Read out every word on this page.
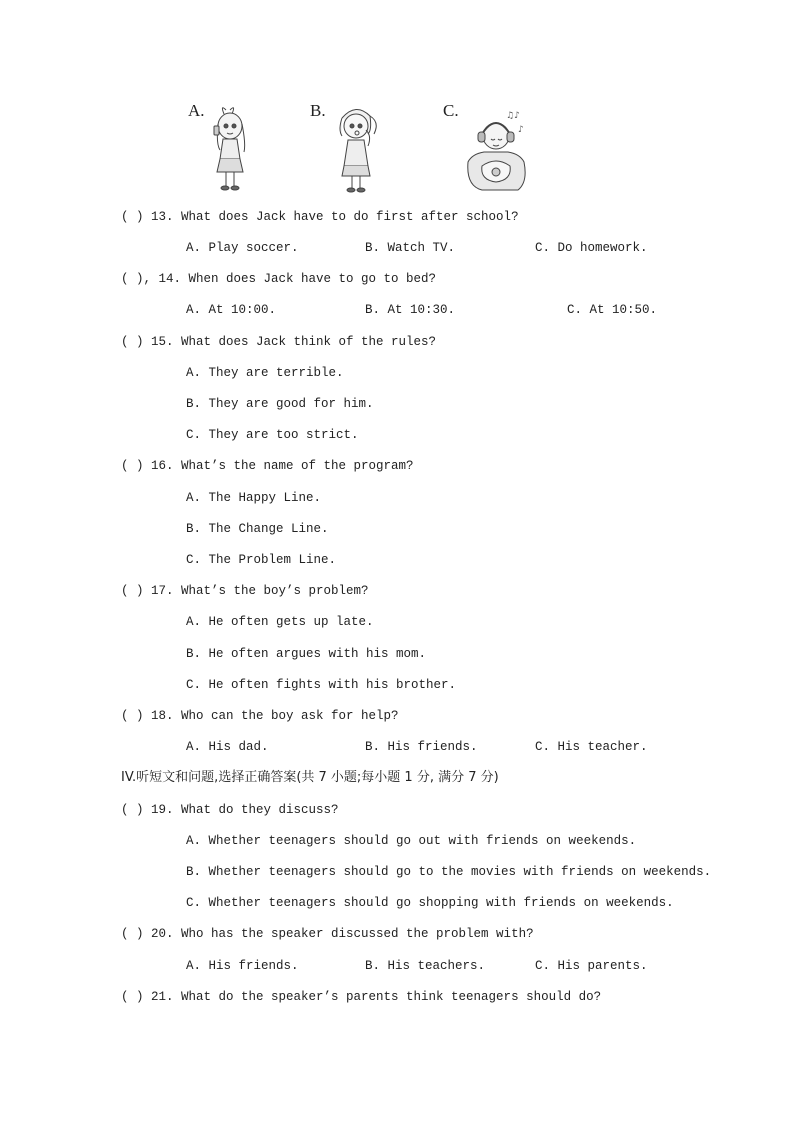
A.	B.	C.	♫♪
♪
( ) 13. What does Jack have to do first after school?
A. Play soccer.	B. Watch TV.	C. Do homework.
( ), 14. When does Jack have to go to bed?
A. At 10:00.	B. At 10:30.	C. At 10:50.
( ) 15. What does Jack think of the rules?
A. They are terrible.
B. They are good for him.
C. They are too strict.
( ) 16. What’s the name of the program?
A. The Happy Line.
B. The Change Line.
C. The Problem Line.
( ) 17. What’s the boy’s problem?
A. He often gets up late.
B. He often argues with his mom.
C. He often fights with his brother.
( ) 18. Who can the boy ask for help?
A. His dad.	B. His friends.	C. His teacher.
IV.听短文和问题,选择正确答案(共 7 小题;每小题 1 分, 满分 7 分)
( ) 19. What do they discuss?
A. Whether teenagers should go out with friends on weekends.
B. Whether teenagers should go to the movies with friends on weekends.
C. Whether teenagers should go shopping with friends on weekends.
( ) 20. Who has the speaker discussed the problem with?
A. His friends.	B. His teachers.	C. His parents.
( ) 21. What do the speaker’s parents think teenagers should do?
